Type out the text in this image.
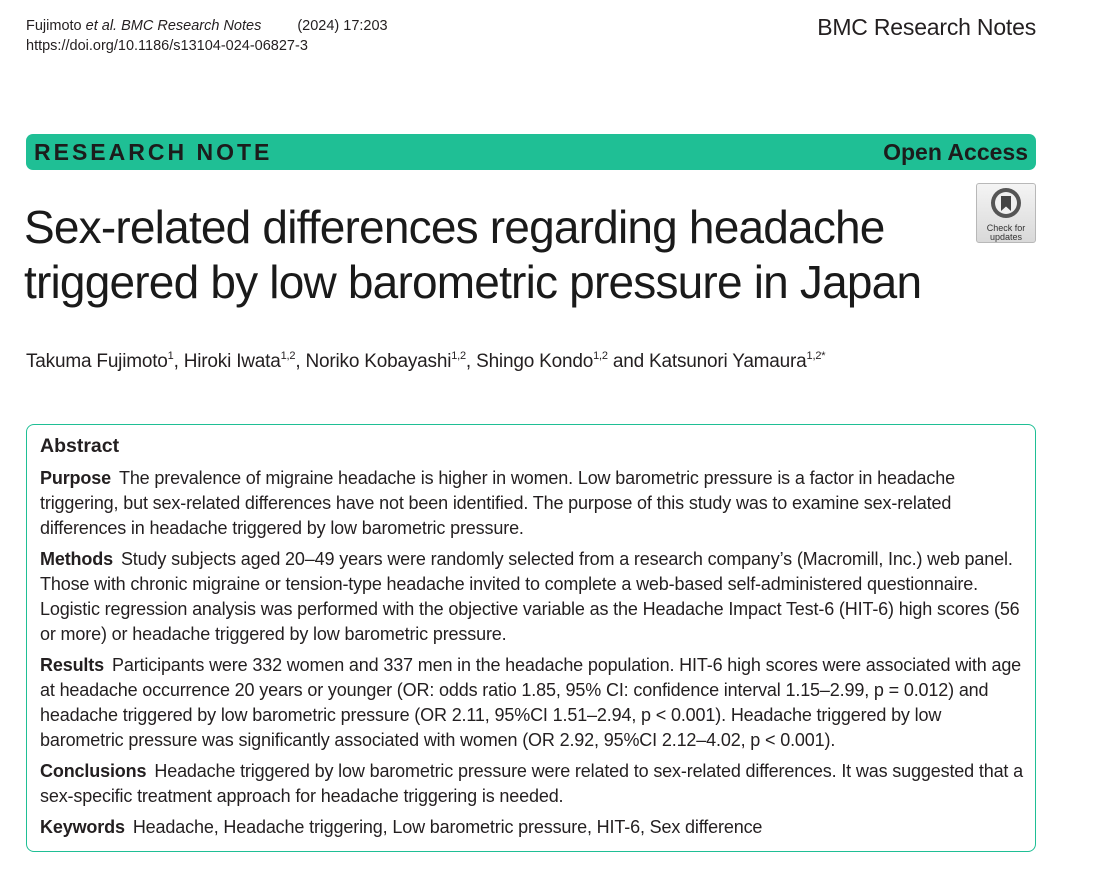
Fujimoto
et al. BMC Research Notes (2024) 17:203
https://doi.org/10.1186/s13104-024-06827-3
BMC Research Notes
RESEARCH NOTE	Open Access
Check for
updates
Sex-related differences regarding headache
triggered by low barometric pressure in Japan
Takuma Fujimoto$^1$, Hiroki Iwata$^{1,2}$, Noriko Kobayashi$^{1,2}$, Shingo Kondo$^{1,2}$ and Katsunori Yamaura$^{1,2*}$
Abstract

Purpose The prevalence of migraine headache is higher in women. Low barometric pressure is a factor in headache triggering, but sex-related differences have not been identified. The purpose of this study was to examine sex-related differences in headache triggered by low barometric pressure.

Methods Study subjects aged 20–49 years were randomly selected from a research company’s (Macromill, Inc.) web panel. Those with chronic migraine or tension-type headache invited to complete a web-based self-administered questionnaire. Logistic regression analysis was performed with the objective variable as the Headache Impact Test-6 (HIT-6) high scores (56 or more) or headache triggered by low barometric pressure.

Results Participants were 332 women and 337 men in the headache population. HIT-6 high scores were associated with age at headache occurrence 20 years or younger (OR: odds ratio 1.85, 95% CI: confidence interval 1.15–2.99, p = 0.012) and headache triggered by low barometric pressure (OR 2.11, 95%CI 1.51–2.94, p < 0.001). Headache triggered by low barometric pressure was significantly associated with women (OR 2.92, 95%CI 2.12–4.02, p < 0.001).

Conclusions Headache triggered by low barometric pressure were related to sex-related differences. It was suggested that a sex-specific treatment approach for headache triggering is needed.

Keywords Headache, Headache triggering, Low barometric pressure, HIT-6, Sex difference
